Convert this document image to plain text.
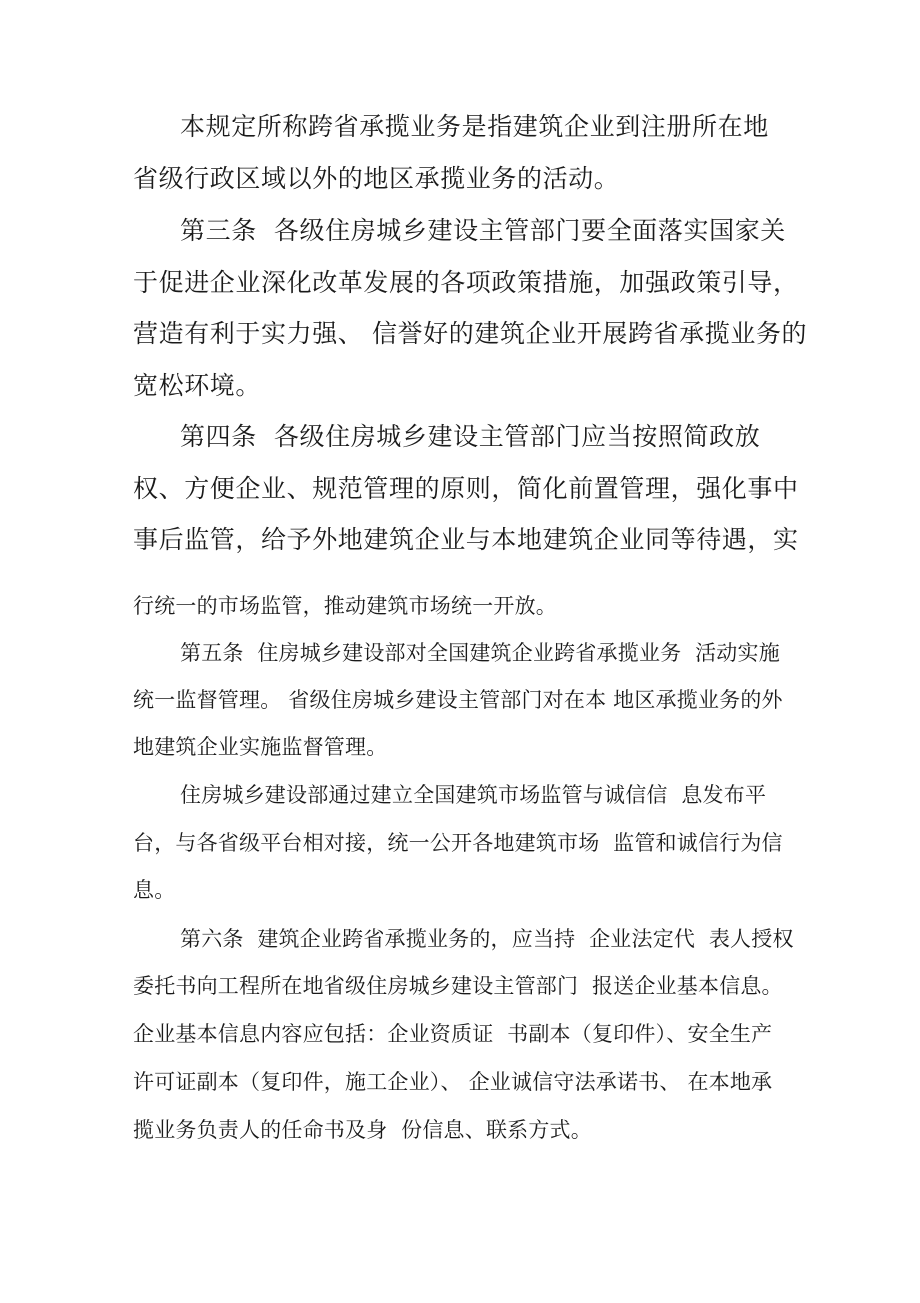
本规定所称跨省承揽业务是指建筑企业到注册所在地

省级行政区域以外的地区承揽业务的活动。

第三条  各级住房城乡建设主管部门要全面落实国家关

于促进企业深化改革发展的各项政策措施，加强政策引导，

营造有利于实力强、 信誉好的建筑企业开展跨省承揽业务的

宽松环境。

第四条  各级住房城乡建设主管部门应当按照简政放

权、方便企业、规范管理的原则，简化前置管理，强化事中

事后监管，给予外地建筑企业与本地建筑企业同等待遇，实

行统一的市场监管，推动建筑市场统一开放。

第五条  住房城乡建设部对全国建筑企业跨省承揽业务  活动实施

统一监督管理。 省级住房城乡建设主管部门对在本 地区承揽业务的外

地建筑企业实施监督管理。

住房城乡建设部通过建立全国建筑市场监管与诚信信  息发布平

台，与各省级平台相对接，统一公开各地建筑市场  监管和诚信行为信

息。

第六条  建筑企业跨省承揽业务的，应当持  企业法定代  表人授权

委托书向工程所在地省级住房城乡建设主管部门  报送企业基本信息。

企业基本信息内容应包括：企业资质证  书副本（复印件）、安全生产

许可证副本（复印件，施工企业）、 企业诚信守法承诺书、 在本地承

揽业务负责人的任命书及身  份信息、联系方式。
